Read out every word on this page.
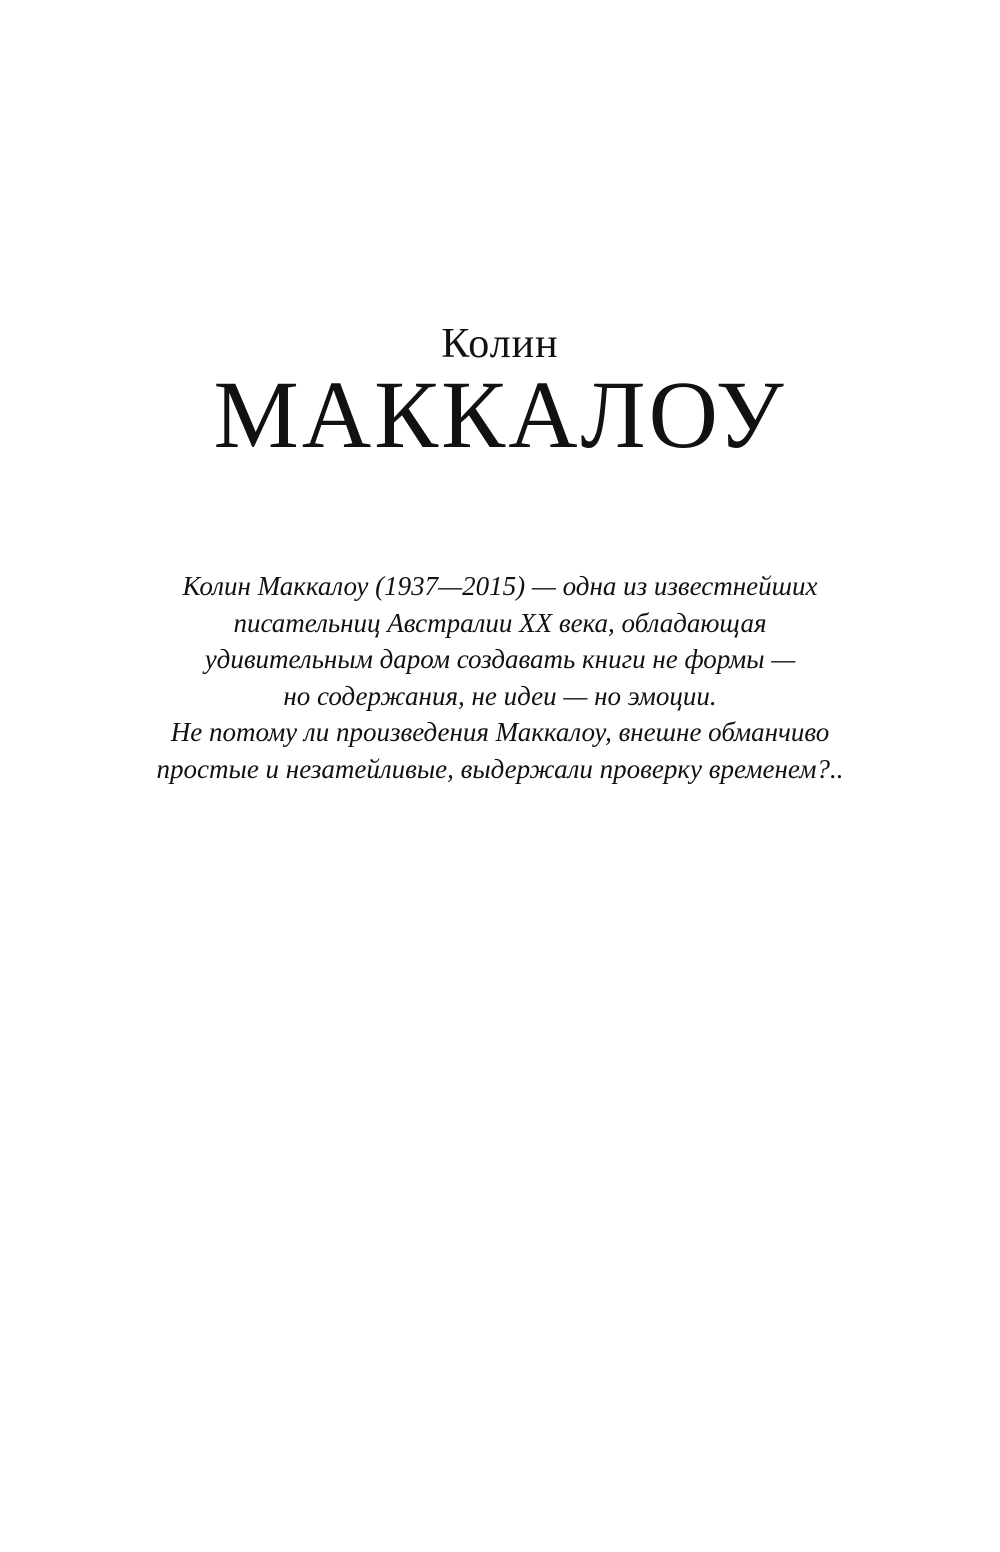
Колин
МАККАЛОУ

Колин Маккалоу (1937—2015) — одна из известнейших
писательниц Австралии XX века, обладающая
удивительным даром создавать книги не формы —
но содержания, не идеи — но эмоции.
Не потому ли произведения Маккалоу, внешне обманчиво
простые и незатейливые, выдержали проверку временем?..
